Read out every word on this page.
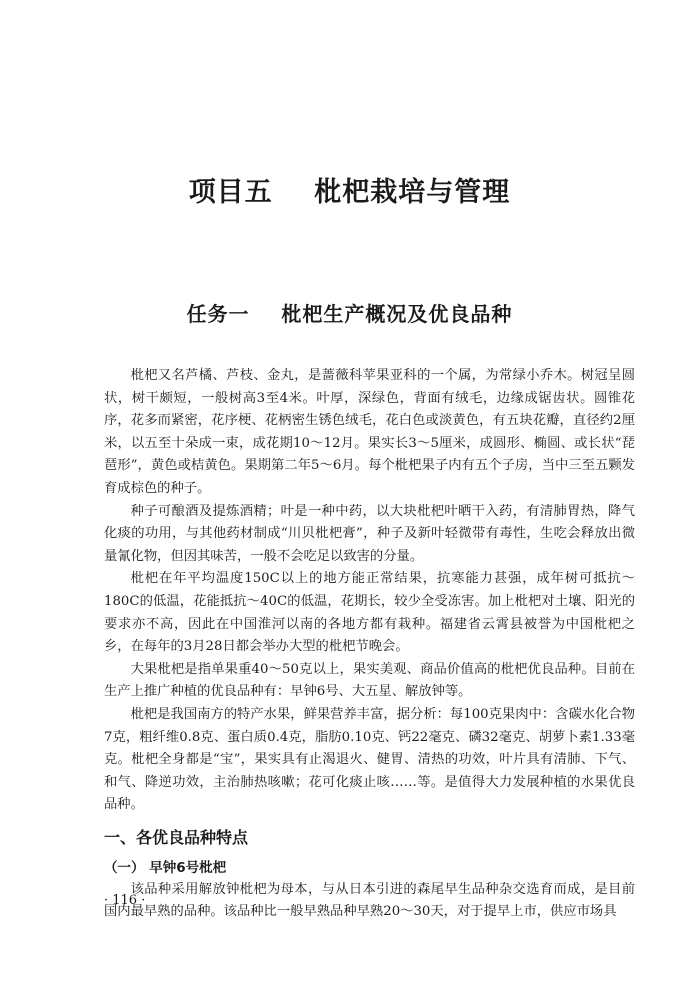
项目五    枇杷栽培与管理
任务一    枇杷生产概况及优良品种

枇杷又名芦橘、芦枝、金丸，是蔷薇科苹果亚科的一个属，为常绿小乔木。树冠呈圆状，树干颇短，一般树高3至4米。叶厚，深绿色，背面有绒毛，边缘成锯齿状。圆锥花序，花多而紧密，花序梗、花柄密生锈色绒毛，花白色或淡黄色，有五块花瓣，直径约2厘米，以五至十朵成一束，成花期10～12月。果实长3～5厘米，成圆形、椭圆、或长状“琵琶形”，黄色或桔黄色。果期第二年5～6月。每个枇杷果子内有五个子房，当中三至五颗发育成棕色的种子。

种子可酿酒及提炼酒精；叶是一种中药，以大块枇杷叶晒干入药，有清肺胃热，降气化痰的功用，与其他药材制成“川贝枇杷膏”，种子及新叶轻微带有毒性，生吃会释放出微量氰化物，但因其味苦，一般不会吃足以致害的分量。

枇杷在年平均温度150C以上的地方能正常结果，抗寒能力甚强，成年树可抵抗～180C的低温，花能抵抗～40C的低温，花期长，较少全受冻害。加上枇杷对土壤、阳光的要求亦不高，因此在中国淮河以南的各地方都有栽种。福建省云霄县被誉为中国枇杷之乡，在每年的3月28日都会举办大型的枇杷节晚会。

大果枇杷是指单果重40～50克以上，果实美观、商品价值高的枇杷优良品种。目前在生产上推广种植的优良品种有：早钟6号、大五星、解放钟等。

枇杷是我国南方的特产水果，鲜果营养丰富，据分析：每100克果肉中：含碳水化合物7克，粗纤维0.8克、蛋白质0.4克，脂肪0.10克、钙22毫克、磷32毫克、胡萝卜素1.33毫克。枇杷全身都是“宝”，果实具有止渴退火、健胃、清热的功效，叶片具有清肺、下气、和气、降逆功效，主治肺热咳嗽；花可化痰止咳……等。是值得大力发展种植的水果优良品种。

一、各优良品种特点
（一） 早钟6号枇杷

该品种采用解放钟枇杷为母本，与从日本引进的森尾早生品种杂交选育而成，是目前国内最早熟的品种。该品种比一般早熟品种早熟20～30天，对于提早上市，供应市场具

· 116 ·
